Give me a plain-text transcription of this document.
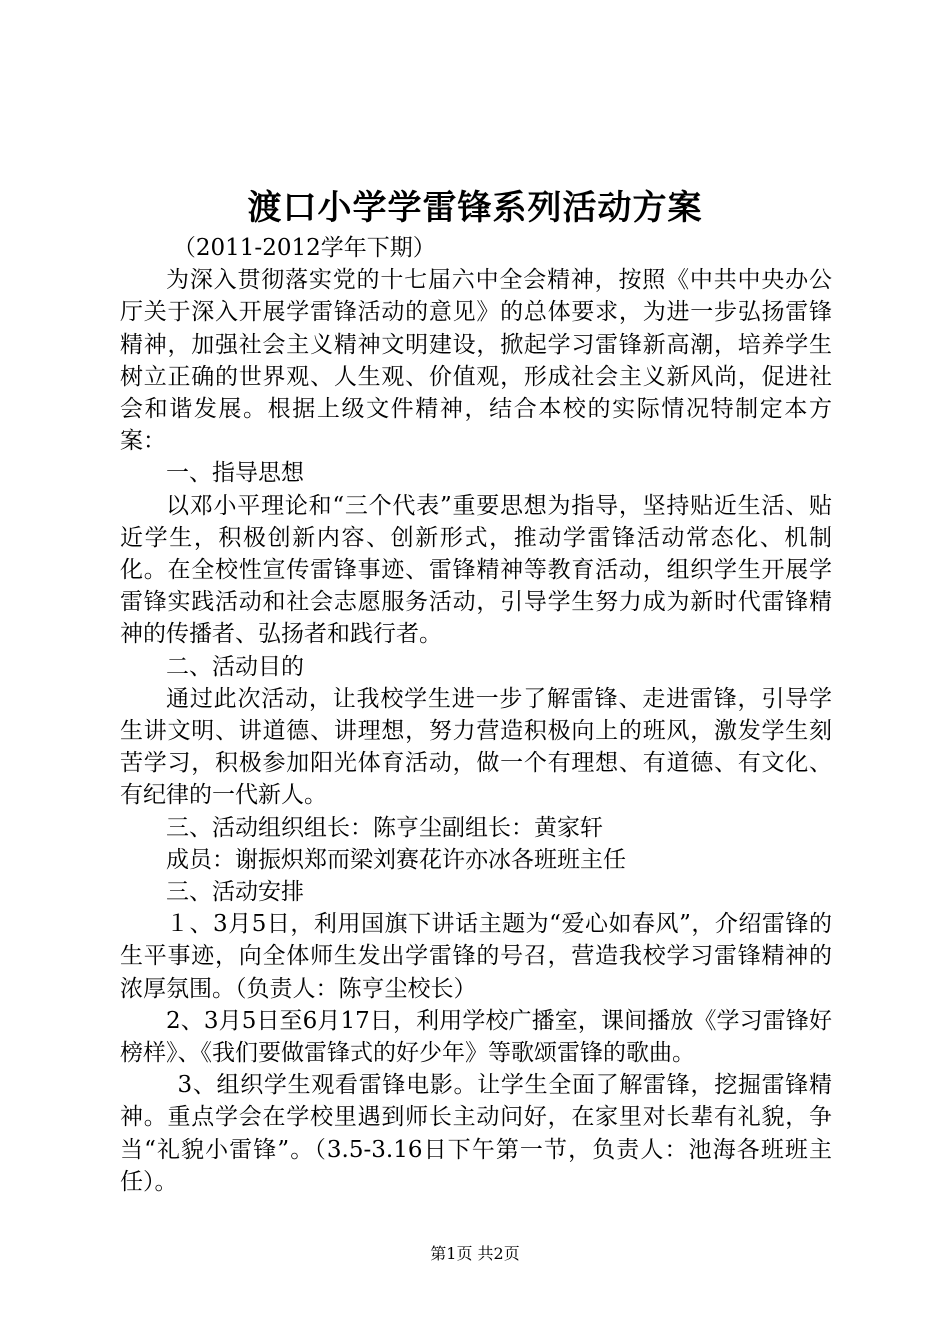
渡口小学学雷锋系列活动方案

（2011-2012学年下期）

为深入贯彻落实党的十七届六中全会精神，按照《中共中央办公厅关于深入开展学雷锋活动的意见》的总体要求，为进一步弘扬雷锋精神，加强社会主义精神文明建设，掀起学习雷锋新高潮，培养学生树立正确的世界观、人生观、价值观，形成社会主义新风尚，促进社会和谐发展。根据上级文件精神，结合本校的实际情况特制定本方案：

一、指导思想

以邓小平理论和“三个代表”重要思想为指导，坚持贴近生活、贴近学生，积极创新内容、创新形式，推动学雷锋活动常态化、机制化。在全校性宣传雷锋事迹、雷锋精神等教育活动，组织学生开展学雷锋实践活动和社会志愿服务活动，引导学生努力成为新时代雷锋精神的传播者、弘扬者和践行者。

二、活动目的

通过此次活动，让我校学生进一步了解雷锋、走进雷锋，引导学生讲文明、讲道德、讲理想，努力营造积极向上的班风，激发学生刻苦学习，积极参加阳光体育活动，做一个有理想、有道德、有文化、有纪律的一代新人。

三、活动组织组长：陈亨尘副组长：黄家轩

成员：谢振炽郑而梁刘赛花许亦冰各班班主任

三、活动安排

１、3月5日，利用国旗下讲话主题为“爱心如春风”，介绍雷锋的生平事迹，向全体师生发出学雷锋的号召，营造我校学习雷锋精神的浓厚氛围。（负责人：陈亨尘校长）

2、3月5日至6月17日，利用学校广播室，课间播放《学习雷锋好榜样》、《我们要做雷锋式的好少年》等歌颂雷锋的歌曲。

3、组织学生观看雷锋电影。让学生全面了解雷锋，挖掘雷锋精神。重点学会在学校里遇到师长主动问好，在家里对长辈有礼貌，争当“礼貌小雷锋”。（3.5-3.16日下午第一节，负责人：池海各班班主任）。

第1页 共2页
